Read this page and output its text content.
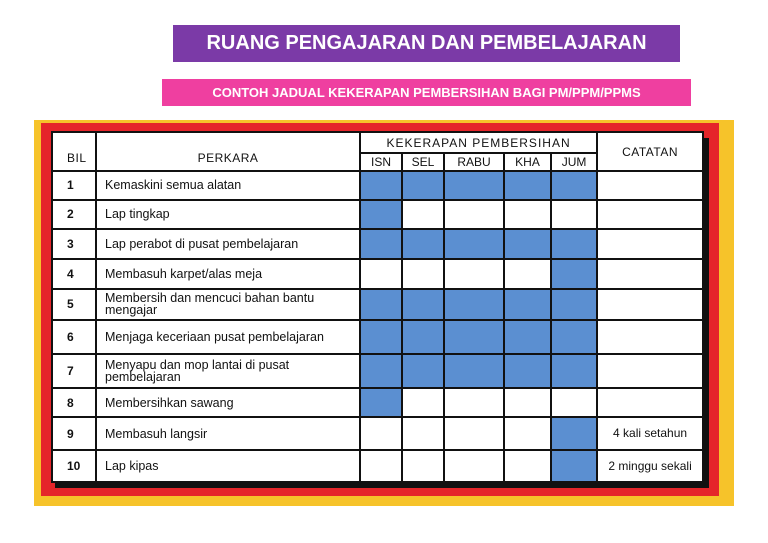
RUANG PENGAJARAN DAN PEMBELAJARAN
CONTOH JADUAL KEKERAPAN PEMBERSIHAN BAGI PM/PPM/PPMS
BIL	PERKARA	KEKERAPAN PEMBERSIHAN					CATATAN
		ISN	SEL	RABU	KHA	JUM	
1	Kemaskini semua alatan						
2	Lap tingkap						
3	Lap perabot di pusat pembelajaran						
4	Membasuh karpet/alas meja						
5	Membersih dan mencuci bahan bantu mengajar						
6	Menjaga keceriaan pusat pembelajaran						
7	Menyapu dan mop lantai di pusat pembelajaran						
8	Membersihkan sawang						
9	Membasuh langsir						4 kali setahun
10	Lap kipas						2 minggu sekali
